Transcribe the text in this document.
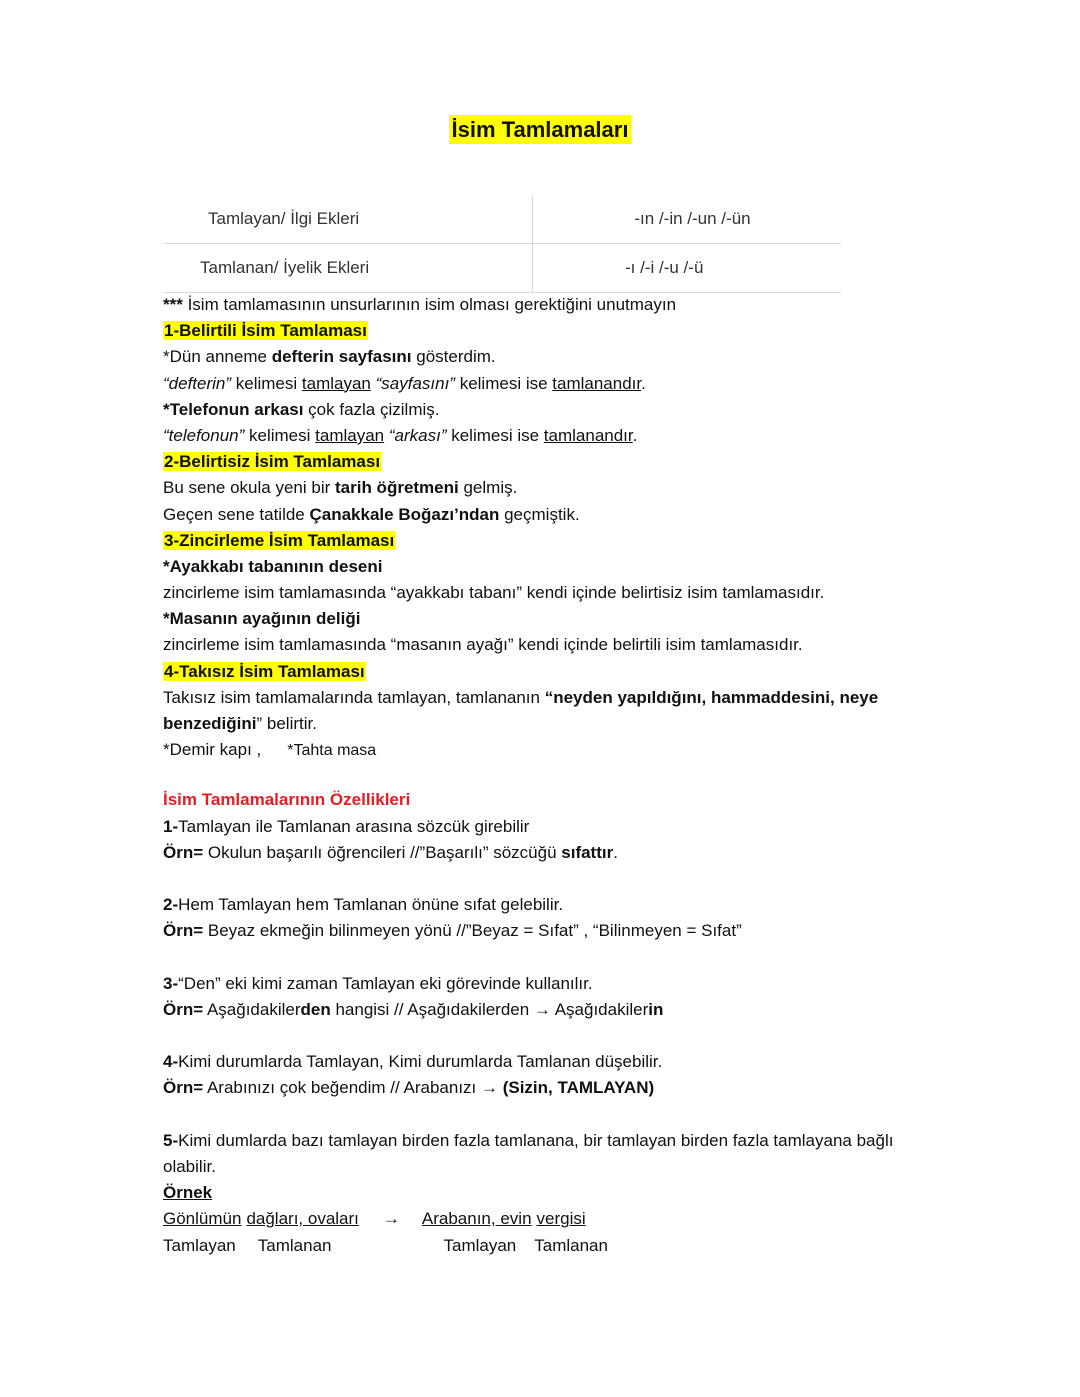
İsim Tamlamaları
Tamlayan/ İlgi Ekleri	-ın /-in /-un /-ün
Tamlanan/ İyelik Ekleri	-ı /-i /-u /-ü
*** İsim tamlamasının unsurlarının isim olması gerektiğini unutmayın
1-Belirtili İsim Tamlaması
*Dün anneme defterin sayfasını gösterdim.
“defterin” kelimesi tamlayan “sayfasını” kelimesi ise tamlanandır.
*Telefonun arkası çok fazla çizilmiş.
“telefonun” kelimesi tamlayan “arkası” kelimesi ise tamlanandır.
2-Belirtisiz İsim Tamlaması
Bu sene okula yeni bir tarih öğretmeni gelmiş.
Geçen sene tatilde Çanakkale Boğazı’ndan geçmiştik.
3-Zincirleme İsim Tamlaması
*Ayakkabı tabanının deseni
zincirleme isim tamlamasında “ayakkabı tabanı” kendi içinde belirtisiz isim tamlamasıdır.
*Masanın ayağının deliği
zincirleme isim tamlamasında “masanın ayağı” kendi içinde belirtili isim tamlamasıdır.
4-Takısız İsim Tamlaması
Takısız isim tamlamalarında tamlayan, tamlananın “neyden yapıldığını, hammaddesini, neye benzediğini” belirtir.
*Demir kapı , *Tahta masa
İsim Tamlamalarının Özellikleri
1-Tamlayan ile Tamlanan arasına sözcük girebilir
Örn= Okulun başarılı öğrencileri //”Başarılı” sözcüğü sıfattır.
2-Hem Tamlayan hem Tamlanan önüne sıfat gelebilir.
Örn= Beyaz ekmeğin bilinmeyen yönü //”Beyaz = Sıfat” , “Bilinmeyen = Sıfat”
3-“Den” eki kimi zaman Tamlayan eki görevinde kullanılır.
Örn= Aşağıdakilerden hangisi // Aşağıdakilerden → Aşağıdakilerin
4-Kimi durumlarda Tamlayan, Kimi durumlarda Tamlanan düşebilir.
Örn= Arabınızı çok beğendim // Arabanızı → (Sizin, TAMLAYAN)
5-Kimi dumlarda bazı tamlayan birden fazla tamlanana, bir tamlayan birden fazla tamlayana bağlı olabilir.
Örnek
Gönlümün dağları, ovaları → Arabanın, evin vergisi
Tamlayan Tamlanan	Tamlayan Tamlanan
